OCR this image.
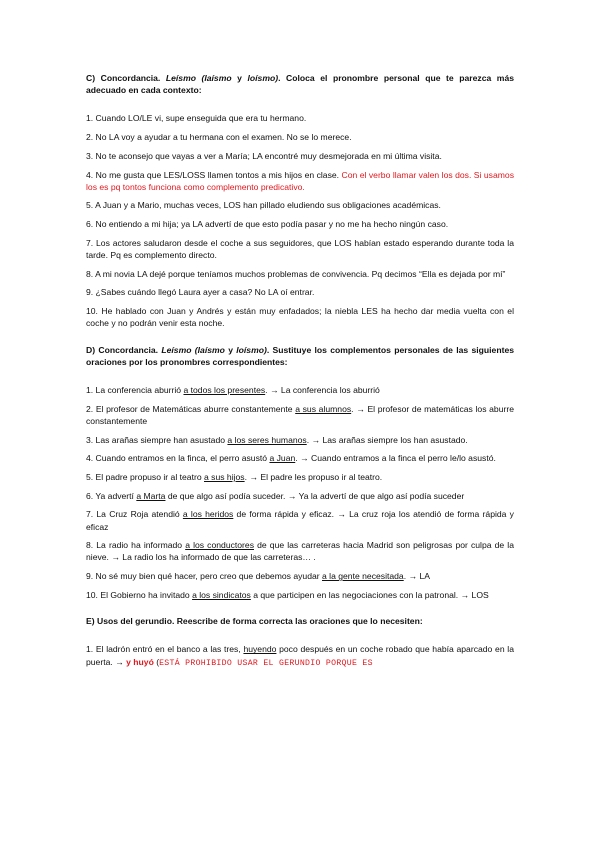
C) Concordancia. Leísmo (laísmo y loísmo). Coloca el pronombre personal que te parezca más adecuado en cada contexto:

1. Cuando LO/LE vi, supe enseguida que era tu hermano.

2. No LA voy a ayudar a tu hermana con el examen. No se lo merece.

3. No te aconsejo que vayas a ver a María; LA encontré muy desmejorada en mi última visita.

4. No me gusta que LES/LOSS llamen tontos a mis hijos en clase. Con el verbo llamar valen los dos. Si usamos los es pq tontos funciona como complemento predicativo.

5. A Juan y a Mario, muchas veces, LOS han pillado eludiendo sus obligaciones académicas.

6. No entiendo a mi hija; ya LA advertí de que esto podía pasar y no me ha hecho ningún caso.

7. Los actores saludaron desde el coche a sus seguidores, que LOS habían estado esperando durante toda la tarde. Pq es complemento directo.

8. A mi novia LA dejé porque teníamos muchos problemas de convivencia. Pq decimos “Ella es dejada por mí”

9. ¿Sabes cuándo llegó Laura ayer a casa? No LA oí entrar.

10. He hablado con Juan y Andrés y están muy enfadados; la niebla LES ha hecho dar media vuelta con el coche y no podrán venir esta noche.

D) Concordancia. Leísmo (laísmo y loísmo). Sustituye los complementos personales de las siguientes oraciones por los pronombres correspondientes:

1. La conferencia aburrió a todos los presentes. → La conferencia los aburrió

2. El profesor de Matemáticas aburre constantemente a sus alumnos. → El profesor de matemáticas los aburre constantemente

3. Las arañas siempre han asustado a los seres humanos. → Las arañas siempre los han asustado.

4. Cuando entramos en la finca, el perro asustó a Juan. → Cuando entramos a la finca el perro le/lo asustó.

5. El padre propuso ir al teatro a sus hijos. → El padre les propuso ir al teatro.

6. Ya advertí a Marta de que algo así podía suceder. → Ya la advertí de que algo así podía suceder

7. La Cruz Roja atendió a los heridos de forma rápida y eficaz. → La cruz roja los atendió de forma rápida y eficaz

8. La radio ha informado a los conductores de que las carreteras hacia Madrid son peligrosas por culpa de la nieve. → La radio los ha informado de que las carreteras… .

9. No sé muy bien qué hacer, pero creo que debemos ayudar a la gente necesitada. → LA

10. El Gobierno ha invitado a los sindicatos a que participen en las negociaciones con la patronal. → LOS

E) Usos del gerundio. Reescribe de forma correcta las oraciones que lo necesiten:

1. El ladrón entró en el banco a las tres, huyendo poco después en un coche robado que había aparcado en la puerta. → y huyó (ESTÁ PROHIBIDO USAR EL GERUNDIO PORQUE ES
